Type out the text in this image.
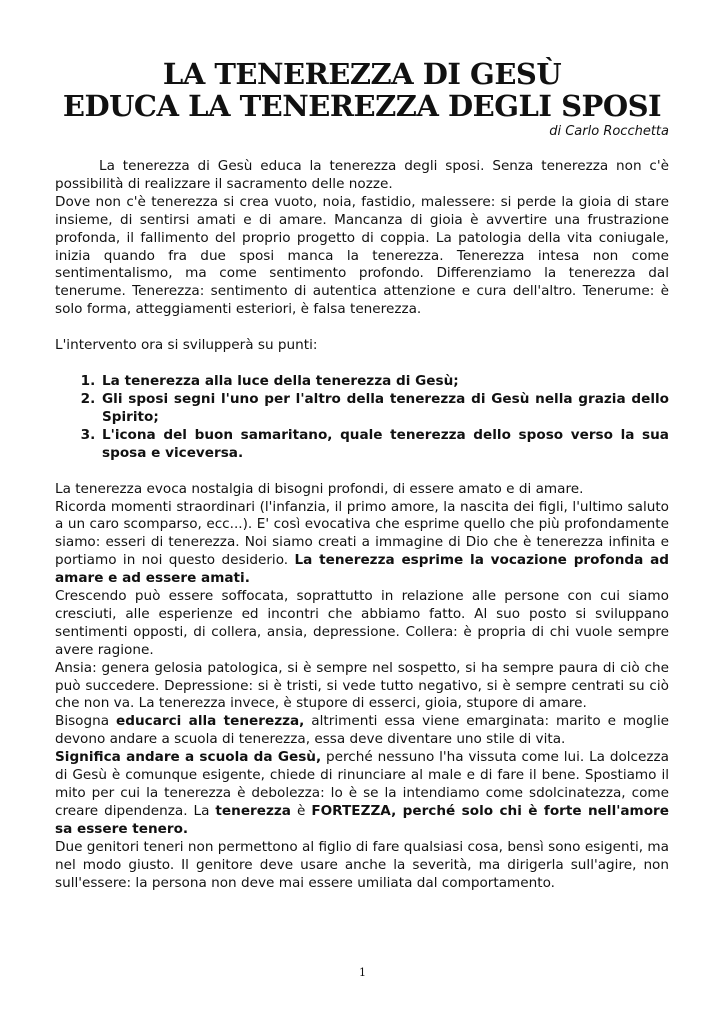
LA TENEREZZA DI GESÙ
EDUCA LA TENEREZZA DEGLI SPOSI
di Carlo Rocchetta

La tenerezza di Gesù educa la tenerezza degli sposi. Senza tenerezza non c'è possibilità di realizzare il sacramento delle nozze.

Dove non c'è tenerezza si crea vuoto, noia, fastidio, malessere: si perde la gioia di stare insieme, di sentirsi amati e di amare. Mancanza di gioia è avvertire una frustrazione profonda, il fallimento del proprio progetto di coppia. La patologia della vita coniugale, inizia quando fra due sposi manca la tenerezza. Tenerezza intesa non come sentimentalismo, ma come sentimento profondo. Differenziamo la tenerezza dal tenerume. Tenerezza: sentimento di autentica attenzione e cura dell'altro. Tenerume: è solo forma, atteggiamenti esteriori, è falsa tenerezza.

L'intervento ora si svilupperà su punti:

1. La tenerezza alla luce della tenerezza di Gesù;
2. Gli sposi segni l'uno per l'altro della tenerezza di Gesù nella grazia dello Spirito;
3. L'icona del buon samaritano, quale tenerezza dello sposo verso la sua sposa e viceversa.

La tenerezza evoca nostalgia di bisogni profondi, di essere amato e di amare.

Ricorda momenti straordinari (l'infanzia, il primo amore, la nascita dei figli, l'ultimo saluto a un caro scomparso, ecc...). E' così evocativa che esprime quello che più profondamente siamo: esseri di tenerezza. Noi siamo creati a immagine di Dio che è tenerezza infinita e portiamo in noi questo desiderio. La tenerezza esprime la vocazione profonda ad amare e ad essere amati.

Crescendo può essere soffocata, soprattutto in relazione alle persone con cui siamo cresciuti, alle esperienze ed incontri che abbiamo fatto. Al suo posto si sviluppano sentimenti opposti, di collera, ansia, depressione. Collera: è propria di chi vuole sempre avere ragione.

Ansia: genera gelosia patologica, si è sempre nel sospetto, si ha sempre paura di ciò che può succedere. Depressione: si è tristi, si vede tutto negativo, si è sempre centrati su ciò che non va. La tenerezza invece, è stupore di esserci, gioia, stupore di amare.

Bisogna educarci alla tenerezza, altrimenti essa viene emarginata: marito e moglie devono andare a scuola di tenerezza, essa deve diventare uno stile di vita.

Significa andare a scuola da Gesù, perché nessuno l'ha vissuta come lui. La dolcezza di Gesù è comunque esigente, chiede di rinunciare al male e di fare il bene. Spostiamo il mito per cui la tenerezza è debolezza: lo è se la intendiamo come sdolcinatezza, come creare dipendenza. La tenerezza è FORTEZZA, perché solo chi è forte nell'amore sa essere tenero.

Due genitori teneri non permettono al figlio di fare qualsiasi cosa, bensì sono esigenti, ma nel modo giusto. Il genitore deve usare anche la severità, ma dirigerla sull'agire, non sull'essere: la persona non deve mai essere umiliata dal comportamento.

1
